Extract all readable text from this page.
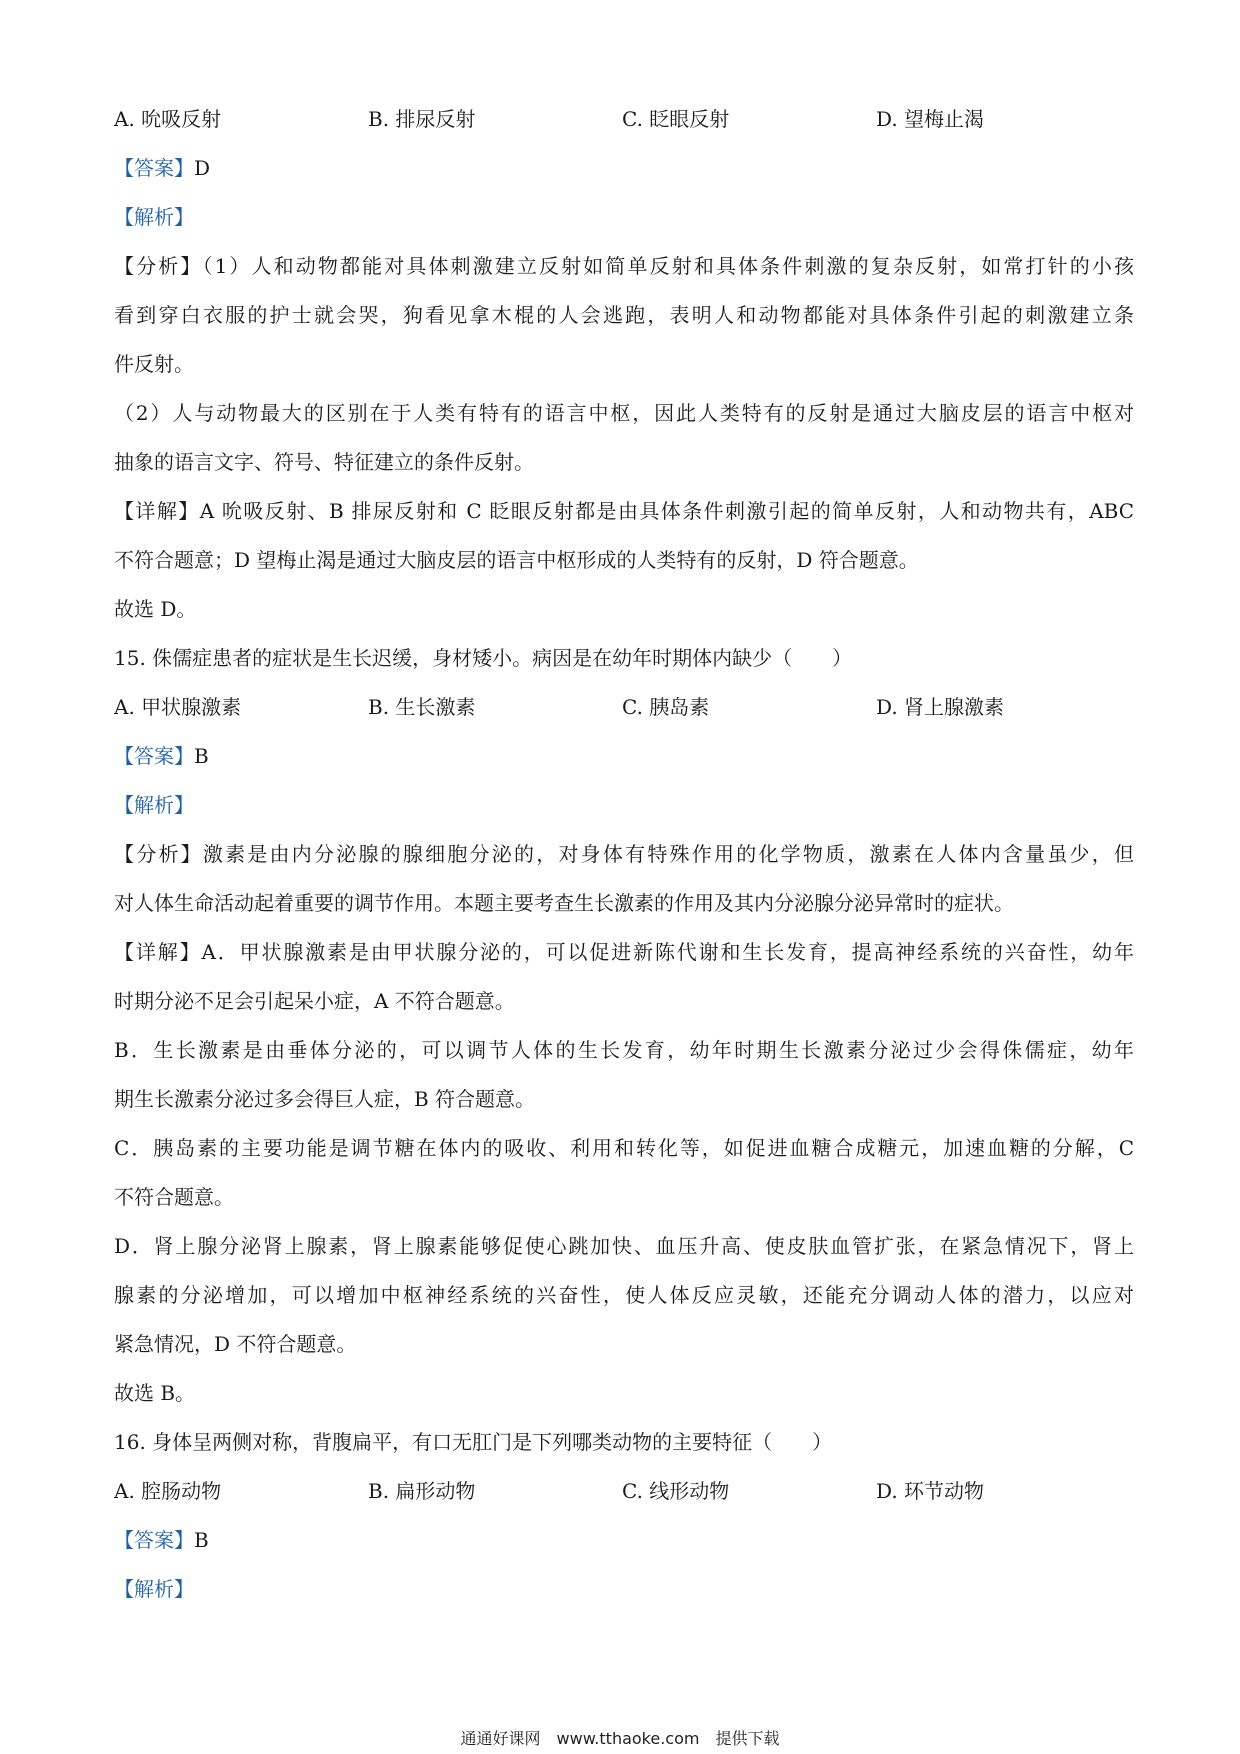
A. 吮吸反射	B. 排尿反射	C. 眨眼反射	D. 望梅止渴
【答案】D
【解析】
【分析】（1）人和动物都能对具体刺激建立反射如简单反射和具体条件刺激的复杂反射，如常打针的小孩
看到穿白衣服的护士就会哭，狗看见拿木棍的人会逃跑，表明人和动物都能对具体条件引起的刺激建立条
件反射。
（2）人与动物最大的区别在于人类有特有的语言中枢，因此人类特有的反射是通过大脑皮层的语言中枢对
抽象的语言文字、符号、特征建立的条件反射。
【详解】A 吮吸反射、B 排尿反射和 C 眨眼反射都是由具体条件刺激引起的简单反射，人和动物共有，ABC
不符合题意；D 望梅止渴是通过大脑皮层的语言中枢形成的人类特有的反射，D 符合题意。
故选 D。
15. 侏儒症患者的症状是生长迟缓，身材矮小。病因是在幼年时期体内缺少（　　）
A. 甲状腺激素	B. 生长激素	C. 胰岛素	D. 肾上腺激素
【答案】B
【解析】
【分析】激素是由内分泌腺的腺细胞分泌的，对身体有特殊作用的化学物质，激素在人体内含量虽少，但
对人体生命活动起着重要的调节作用。本题主要考查生长激素的作用及其内分泌腺分泌异常时的症状。
【详解】A．甲状腺激素是由甲状腺分泌的，可以促进新陈代谢和生长发育，提高神经系统的兴奋性，幼年
时期分泌不足会引起呆小症，A 不符合题意。
B．生长激素是由垂体分泌的，可以调节人体的生长发育，幼年时期生长激素分泌过少会得侏儒症，幼年
期生长激素分泌过多会得巨人症，B 符合题意。
C．胰岛素的主要功能是调节糖在体内的吸收、利用和转化等，如促进血糖合成糖元，加速血糖的分解，C
不符合题意。
D．肾上腺分泌肾上腺素，肾上腺素能够促使心跳加快、血压升高、使皮肤血管扩张，在紧急情况下，肾上
腺素的分泌增加，可以增加中枢神经系统的兴奋性，使人体反应灵敏，还能充分调动人体的潜力，以应对
紧急情况，D 不符合题意。
故选 B。
16. 身体呈两侧对称，背腹扁平，有口无肛门是下列哪类动物的主要特征（　　）
A. 腔肠动物	B. 扁形动物	C. 线形动物	D. 环节动物
【答案】B
【解析】
通通好课网　www.tthaoke.com　提供下载
